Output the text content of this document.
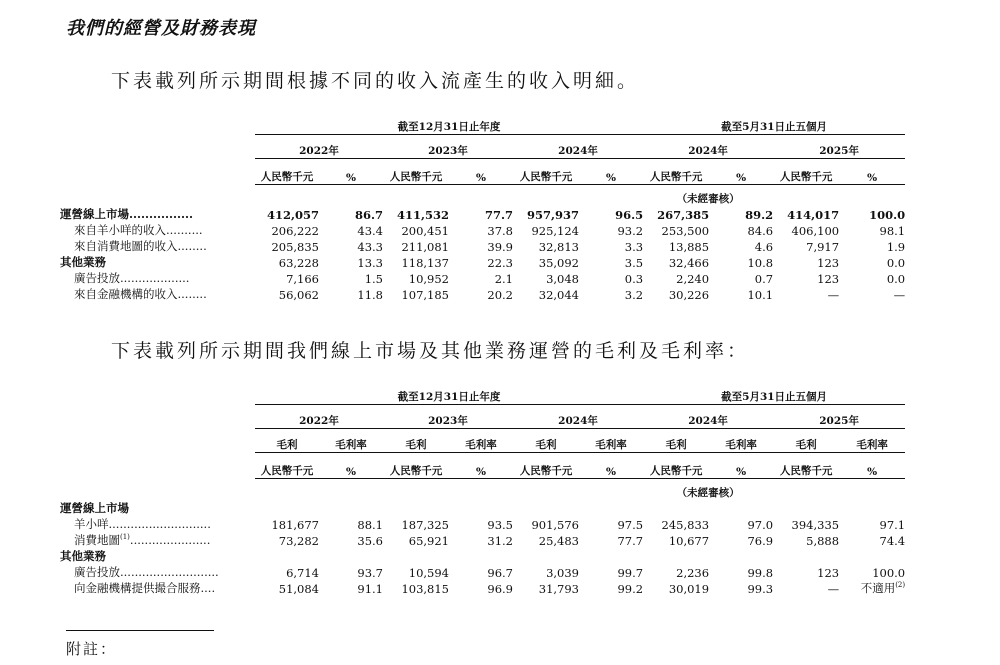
我們的經營及財務表現
下表載列所示期間根據不同的收入流產生的收入明細。
	截至12月31日止年度						截至5月31日止五個月			
	2022年		2023年		2024年		2024年		2025年	
	人民幣千元	%	人民幣千元	%	人民幣千元	%	人民幣千元	%	人民幣千元	%
							（未經審核）			
運營線上市場................	412,057	86.7	411,532	77.7	957,937	96.5	267,385	89.2	414,017	100.0
來自羊小咩的收入..........	206,222	43.4	200,451	37.8	925,124	93.2	253,500	84.6	406,100	98.1
來自消費地圖的收入........	205,835	43.3	211,081	39.9	32,813	3.3	13,885	4.6	7,917	1.9
其他業務	63,228	13.3	118,137	22.3	35,092	3.5	32,466	10.8	123	0.0
廣告投放...................	7,166	1.5	10,952	2.1	3,048	0.3	2,240	0.7	123	0.0
來自金融機構的收入........	56,062	11.8	107,185	20.2	32,044	3.2	30,226	10.1	—	—
下表載列所示期間我們線上市場及其他業務運營的毛利及毛利率：
	截至12月31日止年度						截至5月31日止五個月			
	2022年		2023年		2024年		2024年		2025年	
	毛利	毛利率	毛利	毛利率	毛利	毛利率	毛利	毛利率	毛利	毛利率
	人民幣千元	%	人民幣千元	%	人民幣千元	%	人民幣千元	%	人民幣千元	%
							（未經審核）			
運營線上市場										
羊小咩............................	181,677	88.1	187,325	93.5	901,576	97.5	245,833	97.0	394,335	97.1
消費地圖$^{(1)}$......................	73,282	35.6	65,921	31.2	25,483	77.7	10,677	76.9	5,888	74.4
其他業務										
廣告投放...........................	6,714	93.7	10,594	96.7	3,039	99.7	2,236	99.8	123	100.0
向金融機構提供撮合服務....	51,084	91.1	103,815	96.9	31,793	99.2	30,019	99.3	—	不適用$^{(2)}$
附註：
